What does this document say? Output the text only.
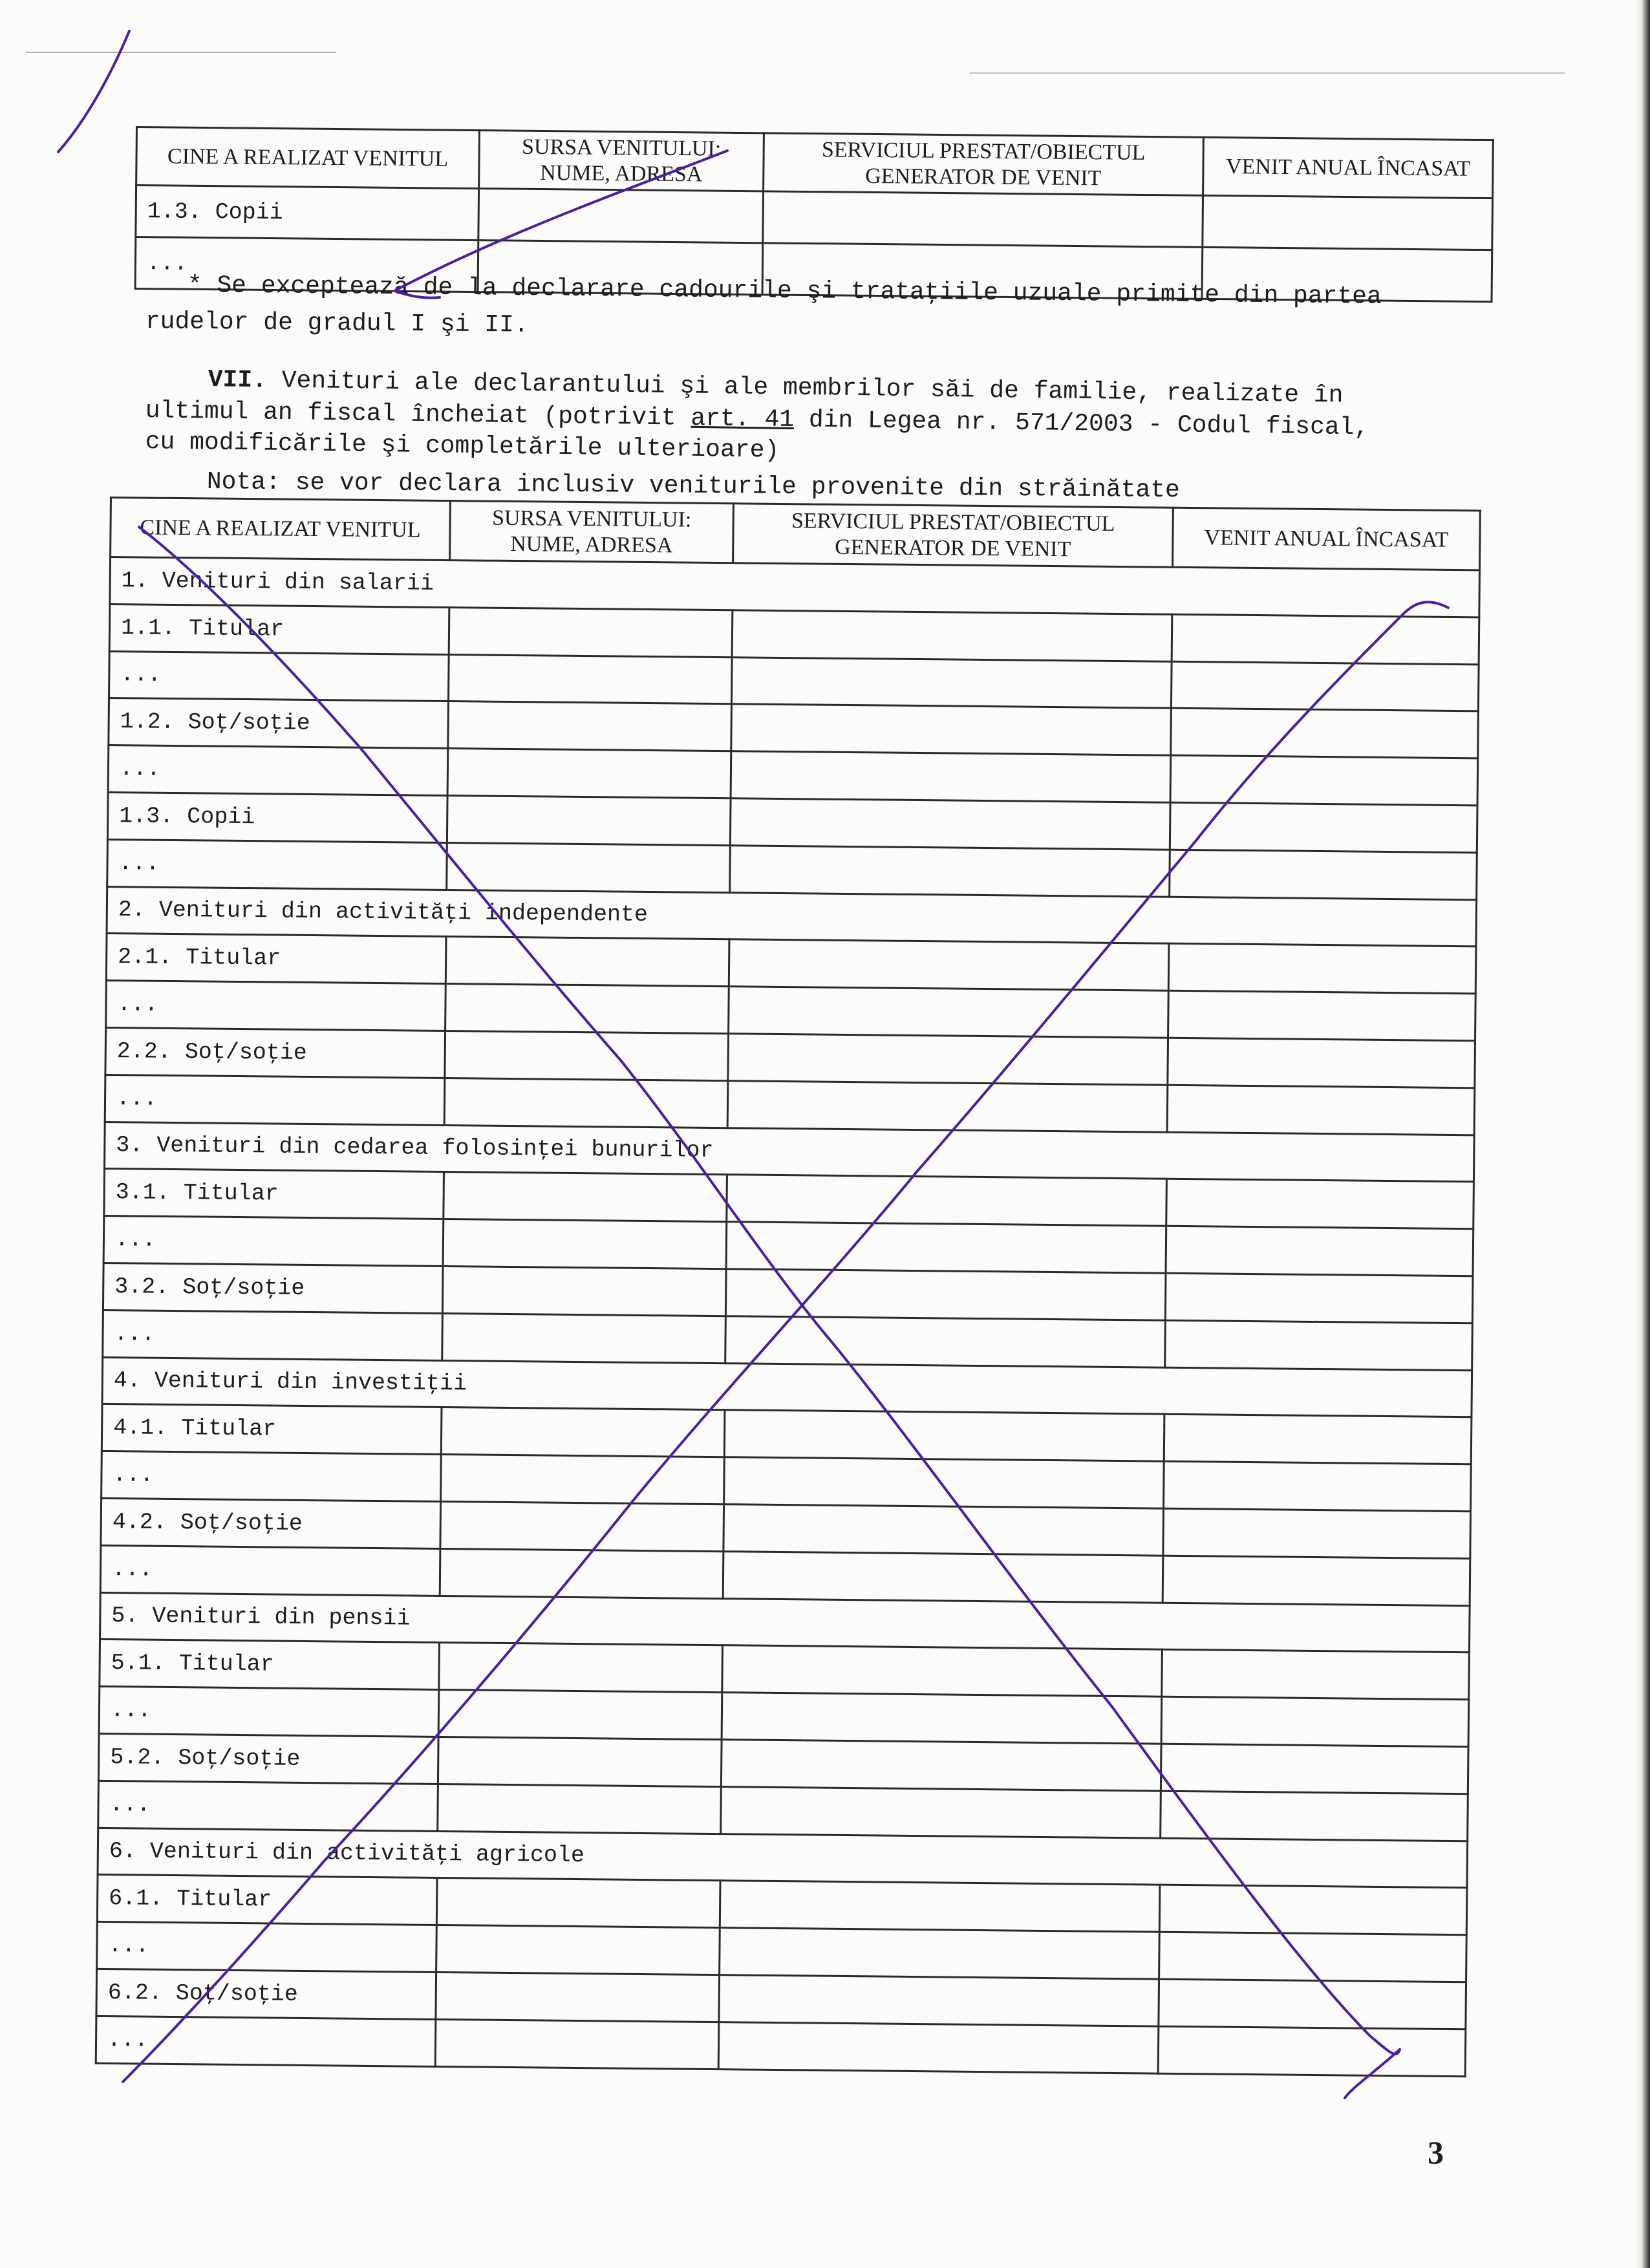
CINE A REALIZAT VENITUL	SURSA VENITULUI: NUME, ADRESA	SERVICIUL PRESTAT/OBIECTUL GENERATOR DE VENIT	VENIT ANUAL ÎNCASAT
1.3. Copii			
...			
* Se exceptează de la declarare cadourile şi trataţiile uzuale primite din partea
rudelor de gradul I şi II.
VII. Venituri ale declarantului şi ale membrilor săi de familie, realizate în
ultimul an fiscal încheiat (potrivit art. 41 din Legea nr. 571/2003 - Codul fiscal,
cu modificările şi completările ulterioare)
Nota: se vor declara inclusiv veniturile provenite din străinătate
CINE A REALIZAT VENITUL	SURSA VENITULUI: NUME, ADRESA	SERVICIUL PRESTAT/OBIECTUL GENERATOR DE VENIT	VENIT ANUAL ÎNCASAT
1. Venituri din salarii			
1.1. Titular			
...			
1.2. Soţ/soţie			
...			
1.3. Copii			
...			
2. Venituri din activităţi independente			
2.1. Titular			
...			
2.2. Soţ/soţie			
...			
3. Venituri din cedarea folosinţei bunurilor			
3.1. Titular			
...			
3.2. Soţ/soţie			
...			
4. Venituri din investiţii			
4.1. Titular			
...			
4.2. Soţ/soţie			
...			
5. Venituri din pensii			
5.1. Titular			
...			
5.2. Soţ/soţie			
...			
6. Venituri din activităţi agricole			
6.1. Titular			
...			
6.2. Soţ/soţie			
...			
3
